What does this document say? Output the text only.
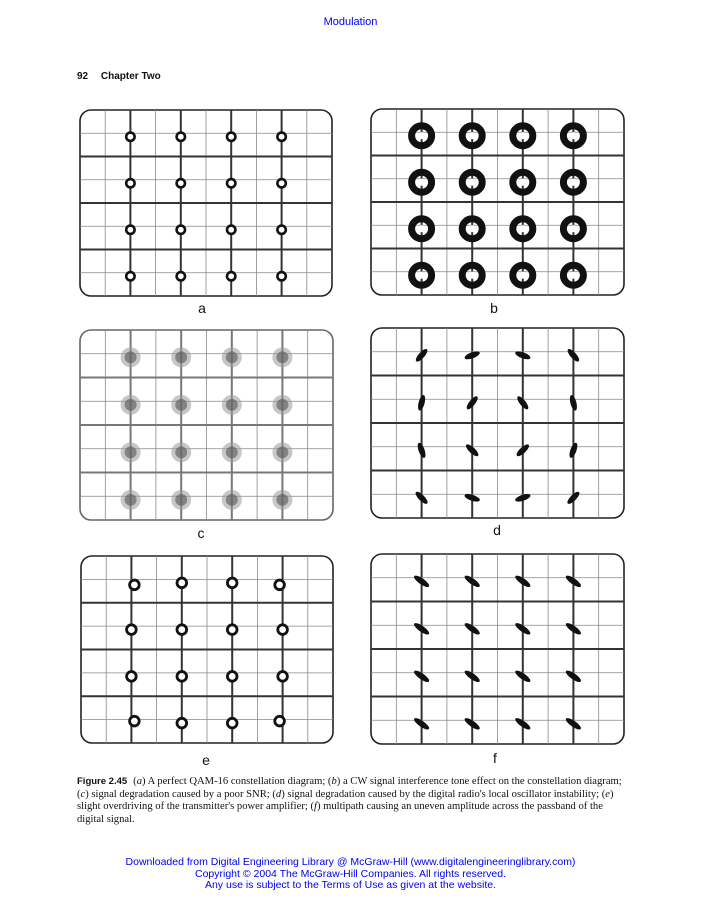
Modulation
92 Chapter Two
a	b
c	d
e	f
Figure 2.45 (a) A perfect QAM-16 constellation diagram; (b) a CW signal interference tone effect on the constellation diagram; (c) signal degradation caused by a poor SNR; (d) signal degradation caused by the digital radio's local oscillator instability; (e) slight overdriving of the transmitter's power amplifier; (f) multipath causing an uneven amplitude across the passband of the digital signal.
Downloaded from Digital Engineering Library @ McGraw-Hill (www.digitalengineeringlibrary.com)
Copyright © 2004 The McGraw-Hill Companies. All rights reserved.
Any use is subject to the Terms of Use as given at the website.
